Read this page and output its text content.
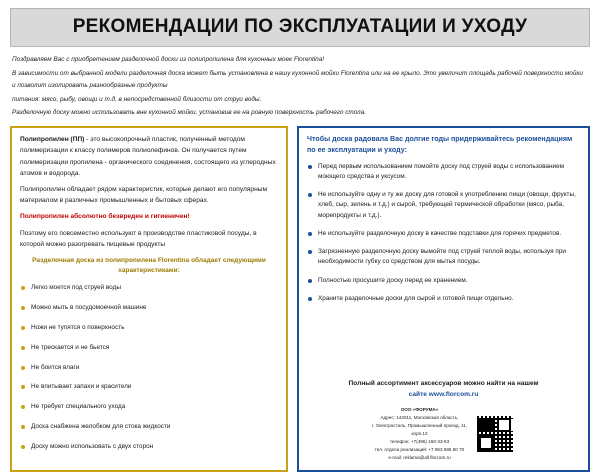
РЕКОМЕНДАЦИИ ПО ЭКСПЛУАТАЦИИ И УХОДУ

Поздравляем Вас с приобретением разделочной доски из полипропилена для кухонных моек Florentina!

В зависимости от выбранной модели разделочная доска может быть установлена в нашу кухонной мойки Florentina или на ее крыло. Это увеличит площадь рабочей поверхности мойки и позволит изолировать разнообразные продукты

питания: мясо, рыбу, овощи и т.д. в непосредственной близости от струи воды.

Разделочную доску можно использовать вне кухонной мойки, установив ее на ровную поверхность рабочего стола.

Полипропилен (ПП) - это высокопрочный пластик, полученный методом полимеризации к классу полимеров полиолефинов. Он получается путем полимеризации пропилена - органического соединения, состоящего из углеродных атомов и водорода.

Полипропилен обладает рядом характеристик, которые делают его популярным материалом в различных промышленных и бытовых сферах.

Полипропилен абсолютно безвреден и гигиеничен!

Поэтому его повсеместно используют в производстве пластиковой посуды, в которой можно разогревать пищевые продукты

Разделочная доска из полипропилена Florentina обладает следующими характеристиками:
Легко моется под струей воды
Можно мыть в посудомоечной машине
Ножи не тупятся о поверхность
Не трескается и не бьется
Не боится влаги
Не впитывает запахи и красители
Не требует специального ухода
Доска снабжена желобком для стока жидкости
Доску можно использовать с двух сторон
Чтобы доска радовала Вас долгие годы придерживайтесь рекомендациям по ее эксплуатации и уходу:
Перед первым использованием помойте доску под струей воды с использованием моющего средства и уксусом.
Не используйте одну и ту же доску для готовой к употреблению пищи (овощи, фрукты, хлеб, сыр, зелень и т.д.) и сырой, требующей термической обработки (мясо, рыба, морепродукты и т.д.).
Не используйте разделочную доску в качестве подставки для горячих предметов.
Загрязненную разделочную доску вымойте под струей теплой воды, используя при необходимости губку со средством для мытья посуды.
Полностью просушите доску перед ее хранением.
Храните разделочные доски для сырой и готовой пищи отдельно.
Полный ассортимент аксессуаров можно найти на нашем
сайте www.florcom.ru
ООО «ФОРУМА»
Адрес: 144011, Московская область,
г. Электросталь, Промышленный проезд, 11,
корп.12
телефон: +7(495) 150-33-53
тел. отдела реализаций: +7 963 695 80 70
e-mail: reklama@all.florcom.ru
